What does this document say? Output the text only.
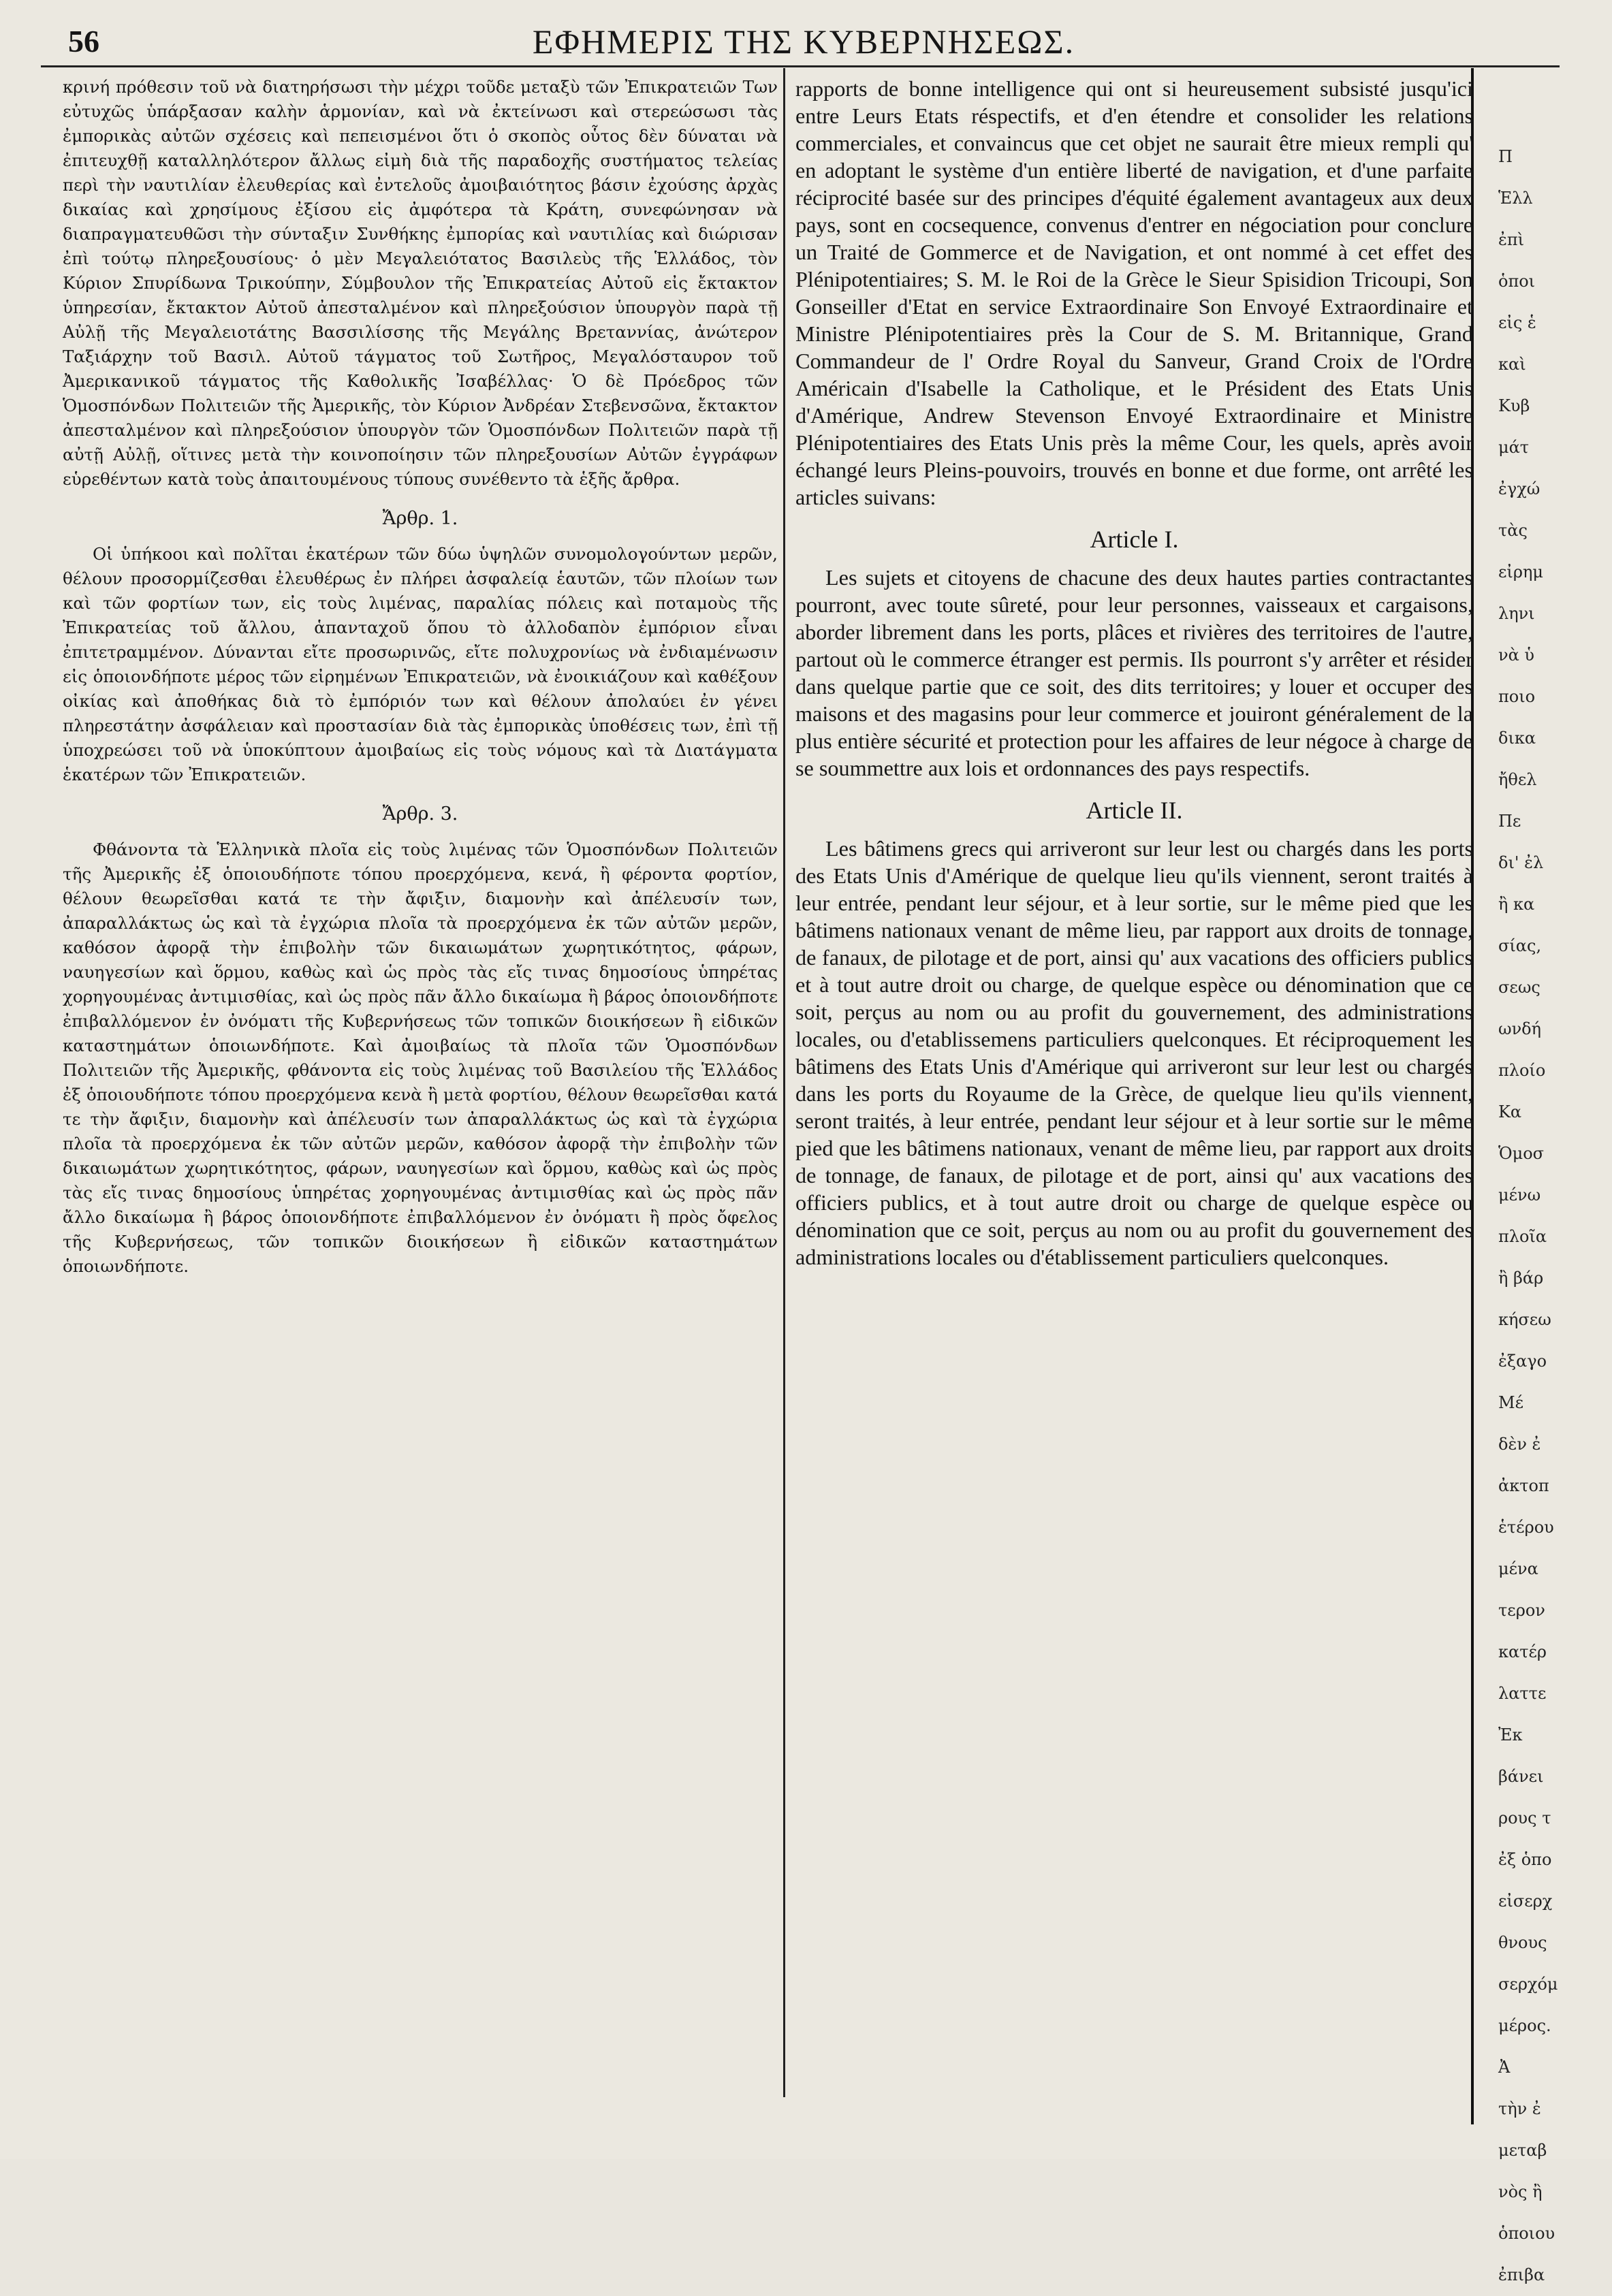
56	ΕΦΗΜΕΡΙΣ ΤΗΣ ΚΥΒΕΡΝΗΣΕΩΣ.

κρινή πρόθεσιν τοῦ νὰ διατηρήσωσι τὴν μέχρι τοῦδε μεταξὺ τῶν Ἐπικρατειῶν Των εὐτυχῶς ὑπάρξασαν καλὴν ἁρμονίαν, καὶ νὰ ἐκτείνωσι καὶ στερεώσωσι τὰς ἐμπορικὰς αὐτῶν σχέσεις καὶ πεπεισμένοι ὅτι ὁ σκοπὸς οὗτος δὲν δύναται νὰ ἐπιτευχθῇ καταλληλότερον ἄλλως εἰμὴ διὰ τῆς παραδοχῆς συστήματος τελείας περὶ τὴν ναυτιλίαν ἐλευθερίας καὶ ἐντελοῦς ἀμοιβαιότητος βάσιν ἐχούσης ἀρχὰς δικαίας καὶ χρησίμους ἐξίσου εἰς ἀμφότερα τὰ Κράτη, συνεφώνησαν νὰ διαπραγματευθῶσι τὴν σύνταξιν Συνθήκης ἐμπορίας καὶ ναυτιλίας καὶ διώρισαν ἐπὶ τούτῳ πληρεξουσίους· ὁ μὲν Μεγαλειότατος Βασιλεὺς τῆς Ἑλλάδος, τὸν Κύριον Σπυρίδωνα Τρικούπην, Σύμβουλον τῆς Ἐπικρατείας Αὐτοῦ εἰς ἔκτακτον ὑπηρεσίαν, ἔκτακτον Αὐτοῦ ἀπεσταλμένον καὶ πληρεξούσιον ὑπουργὸν παρὰ τῇ Αὐλῇ τῆς Μεγαλειοτάτης Βασσιλίσσης τῆς Μεγάλης Βρεταννίας, ἀνώτερον Ταξιάρχην τοῦ Βασιλ. Αὐτοῦ τάγματος τοῦ Σωτῆρος, Μεγαλόσταυρον τοῦ Ἀμερικανικοῦ τάγματος τῆς Καθολικῆς Ἰσαβέλλας· Ὁ δὲ Πρόεδρος τῶν Ὁμοσπόνδων Πολιτειῶν τῆς Ἀμερικῆς, τὸν Κύριον Ἀνδρέαν Στεβενσῶνα, ἔκτακτον ἀπεσταλμένον καὶ πληρεξούσιον ὑπουργὸν τῶν Ὁμοσπόνδων Πολιτειῶν παρὰ τῇ αὐτῇ Αὐλῇ, οἵτινες μετὰ τὴν κοινοποίησιν τῶν πληρεξουσίων Αὐτῶν ἐγγράφων εὑρεθέντων κατὰ τοὺς ἀπαιτουμένους τύπους συνέθεντο τὰ ἑξῆς ἄρθρα.

Ἄρθρ. 1.

Οἱ ὑπήκοοι καὶ πολῖται ἑκατέρων τῶν δύω ὑψηλῶν συνομολογούντων μερῶν, θέλουν προσορμίζεσθαι ἐλευθέρως ἐν πλήρει ἀσφαλείᾳ ἑαυτῶν, τῶν πλοίων των καὶ τῶν φορτίων των, εἰς τοὺς λιμένας, παραλίας πόλεις καὶ ποταμοὺς τῆς Ἐπικρατείας τοῦ ἄλλου, ἁπανταχοῦ ὅπου τὸ ἀλλοδαπὸν ἐμπόριον εἶναι ἐπιτετραμμένον. Δύνανται εἴτε προσωρινῶς, εἴτε πολυχρονίως νὰ ἐνδιαμένωσιν εἰς ὁποιονδήποτε μέρος τῶν εἰρημένων Ἐπικρατειῶν, νὰ ἐνοικιάζουν καὶ καθέξουν οἰκίας καὶ ἀποθήκας διὰ τὸ ἐμπόριόν των καὶ θέλουν ἀπολαύει ἐν γένει πληρεστάτην ἀσφάλειαν καὶ προστασίαν διὰ τὰς ἐμπορικὰς ὑποθέσεις των, ἐπὶ τῇ ὑποχρεώσει τοῦ νὰ ὑποκύπτουν ἀμοιβαίως εἰς τοὺς νόμους καὶ τὰ Διατάγματα ἑκατέρων τῶν Ἐπικρατειῶν.

Ἄρθρ. 3.

Φθάνοντα τὰ Ἑλληνικὰ πλοῖα εἰς τοὺς λιμένας τῶν Ὁμοσπόνδων Πολιτειῶν τῆς Ἀμερικῆς ἐξ ὁποιουδήποτε τόπου προερχόμενα, κενά, ἢ φέροντα φορτίον, θέλουν θεωρεῖσθαι κατά τε τὴν ἄφιξιν, διαμονὴν καὶ ἀπέλευσίν των, ἀπαραλλάκτως ὡς καὶ τὰ ἐγχώρια πλοῖα τὰ προερχόμενα ἐκ τῶν αὐτῶν μερῶν, καθόσον ἀφορᾷ τὴν ἐπιβολὴν τῶν δικαιωμάτων χωρητικότητος, φάρων, ναυηγεσίων καὶ ὅρμου, καθὼς καὶ ὡς πρὸς τὰς εἴς τινας δημοσίους ὑπηρέτας χορηγουμένας ἀντιμισθίας, καὶ ὡς πρὸς πᾶν ἄλλο δικαίωμα ἢ βάρος ὁποιονδήποτε ἐπιβαλλόμενον ἐν ὀνόματι τῆς Κυβερνήσεως τῶν τοπικῶν διοικήσεων ἢ εἰδικῶν καταστημάτων ὁποιωνδήποτε. Καὶ ἀμοιβαίως τὰ πλοῖα τῶν Ὁμοσπόνδων Πολιτειῶν τῆς Ἀμερικῆς, φθάνοντα εἰς τοὺς λιμένας τοῦ Βασιλείου τῆς Ἑλλάδος ἐξ ὁποιουδήποτε τόπου προερχόμενα κενὰ ἢ μετὰ φορτίου, θέλουν θεωρεῖσθαι κατά τε τὴν ἄφιξιν, διαμονὴν καὶ ἀπέλευσίν των ἀπαραλλάκτως ὡς καὶ τὰ ἐγχώρια πλοῖα τὰ προερχόμενα ἐκ τῶν αὐτῶν μερῶν, καθόσον ἀφορᾷ τὴν ἐπιβολὴν τῶν δικαιωμάτων χωρητικότητος, φάρων, ναυηγεσίων καὶ ὅρμου, καθὼς καὶ ὡς πρὸς τὰς εἴς τινας δημοσίους ὑπηρέτας χορηγουμένας ἀντιμισθίας καὶ ὡς πρὸς πᾶν ἄλλο δικαίωμα ἢ βάρος ὁποιονδήποτε ἐπιβαλλόμενον ἐν ὀνόματι ἢ πρὸς ὄφελος τῆς Κυβερνήσεως, τῶν τοπικῶν διοικήσεων ἢ εἰδικῶν καταστημάτων ὁποιωνδήποτε.

rapports de bonne intelligence qui ont si heureusement subsisté jusqu'ici entre Leurs Etats réspectifs, et d'en étendre et consolider les relations commerciales, et convaincus que cet objet ne saurait être mieux rempli qu' en adoptant le système d'un entière liberté de navigation, et d'une parfaite réciprocité basée sur des principes d'équité également avantageux aux deux pays, sont en cocsequence, convenus d'entrer en négociation pour conclure un Traité de Gommerce et de Navigation, et ont nommé à cet effet des Plénipotentiaires; S. M. le Roi de la Grèce le Sieur Spisidion Tricoupi, Son Gonseiller d'Etat en service Extraordinaire Son Envoyé Extraordinaire et Ministre Plénipotentiaires près la Cour de S. M. Britannique, Grand Commandeur de l' Ordre Royal du Sanveur, Grand Croix de l'Ordre Américain d'Isabelle la Catholique, et le Président des Etats Unis d'Amérique, Andrew Stevenson Envoyé Extraordinaire et Ministre Plénipotentiaires des Etats Unis près la même Cour, les quels, après avoir échangé leurs Pleins-pouvoirs, trouvés en bonne et due forme, ont arrêté les articles suivans:

Article I.

Les sujets et citoyens de chacune des deux hautes parties contractantes pourront, avec toute sûreté, pour leur personnes, vaisseaux et cargaisons, aborder librement dans les ports, plâces et rivières des territoires de l'autre, partout où le commerce étranger est permis. Ils pourront s'y arrêter et résider dans quelque partie que ce soit, des dits territoires; y louer et occuper des maisons et des magasins pour leur commerce et jouiront généralement de la plus entière sécurité et protection pour les affaires de leur négoce à charge de se soummettre aux lois et ordonnances des pays respectifs.

Article II.

Les bâtimens grecs qui arriveront sur leur lest ou chargés dans les ports des Etats Unis d'Amérique de quelque lieu qu'ils viennent, seront traités à leur entrée, pendant leur séjour, et à leur sortie, sur le même pied que les bâtimens nationaux venant de même lieu, par rapport aux droits de tonnage, de fanaux, de pilotage et de port, ainsi qu' aux vacations des officiers publics et à tout autre droit ou charge, de quelque espèce ou dénomination que ce soit, perçus au nom ou au profit du gouvernement, des administrations locales, ou d'etablissemens particuliers quelconques. Et réciproquement les bâtimens des Etats Unis d'Amérique qui arriveront sur leur lest ou chargés dans les ports du Royaume de la Grèce, de quelque lieu qu'ils viennent, seront traités, à leur entrée, pendant leur séjour et à leur sortie sur le même pied que les bâtimens nationaux, venant de même lieu, par rapport aux droits de tonnage, de fanaux, de pilotage et de port, ainsi qu' aux vacations des officiers publics, et à tout autre droit ou charge de quelque espèce ou dénomination que ce soit, perçus au nom ou au profit du gouvernement des administrations locales ou d'établissement particuliers quelconques.

Π
Ἑλλ
ἐπὶ
ὁποι
εἰς ἑ
καὶ
Κυβ
μάτ
ἐγχώ
τὰς
εἰρημ
ληνι
νὰ ὑ
ποιο
δικα
ἤθελ
Πε
δι' ἐλ
ἢ κα
σίας,
σεως
ωνδή
πλοίο
Κα
Ὁμοσ
μένω
πλοῖα
ἢ βάρ
κήσεω
ἐξαγο
Μέ
δὲν ἐ
ἀκτοπ
ἑτέρου
μένα
τερον
κατέρ
λαττε
Ἐκ
βάνει
ρους τ
ἐξ ὁπο
εἰσερχ
θνους
σερχόμ
μέρος.
Ἀ
τὴν ἐ
μεταβ
νὸς ἢ
ὁποιου
ἐπιβα
